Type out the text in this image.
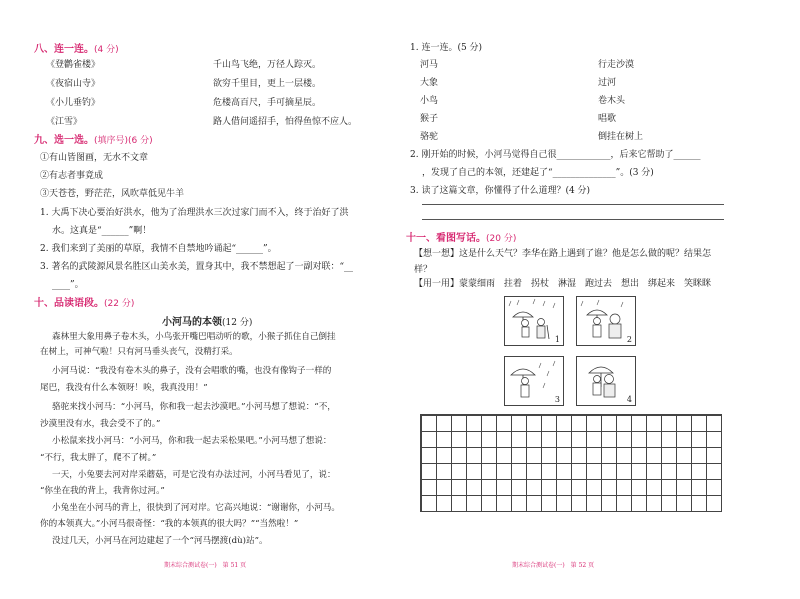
八、连一连。(4 分)
《登鹳雀楼》	千山鸟飞绝，万径人踪灭。
《夜宿山寺》	欲穷千里目，更上一层楼。
《小儿垂钓》	危楼高百尺，手可摘星辰。
《江雪》	路人借问遥招手，怕得鱼惊不应人。
九、选一选。(填序号)(6 分)
①有山皆图画，无水不文章
②有志者事竟成
③天苍苍，野茫茫，风吹草低见牛羊
1. 大禹下决心要治好洪水，他为了治理洪水三次过家门而不入，终于治好了洪
水。这真是“______”啊！
2. 我们来到了美丽的草原，我情不自禁地吟诵起“______”。
3. 著名的武陵源风景名胜区山美水美，置身其中，我不禁想起了一副对联：“__
____”。
十、品读语段。(22 分)
小河马的本领(12 分)
森林里大象用鼻子卷木头，小鸟张开嘴巴唱动听的歌，小猴子抓住自己倒挂
在树上，可神气啦！只有河马垂头丧气，没精打采。
小河马说：“我没有卷木头的鼻子，没有会唱歌的嘴，也没有像钩子一样的
尾巴，我没有什么本领呀！唉，我真没用！”
骆驼来找小河马：“小河马，你和我一起去沙漠吧。”小河马想了想说：“不，
沙漠里没有水，我会受不了的。”
小松鼠来找小河马：“小河马，你和我一起去采松果吧。”小河马想了想说：
“不行，我太胖了，爬不了树。”
一天，小兔要去河对岸采蘑菇，可是它没有办法过河，小河马看见了，说：
“你坐在我的背上，我背你过河。”
小兔坐在小河马的背上，很快到了河对岸。它高兴地说：“谢谢你，小河马。
你的本领真大。”小河马很奇怪：“我的本领真的很大吗？”“当然啦！”
没过几天，小河马在河边建起了一个“河马摆渡(dù)站”。
期末综合测试卷(一)　第 51 页
1. 连一连。(5 分)
河马	行走沙漠
大象	过河
小鸟	卷木头
猴子	唱歌
骆驼	倒挂在树上
2. 刚开始的时候，小河马觉得自己很____________，后来它帮助了______
，发现了自己的本领，还建起了“______________”。(3 分)
3. 读了这篇文章，你懂得了什么道理？(4 分)
十一、看图写话。(20 分)
【想一想】这是什么天气？李华在路上遇到了谁？他是怎么做的呢？结果怎
样？
【用一用】蒙蒙细雨　拄着　拐杖　淋湿　跑过去　想出　绑起来　笑眯眯
1	2
3	4
期末综合测试卷(一)　第 52 页
